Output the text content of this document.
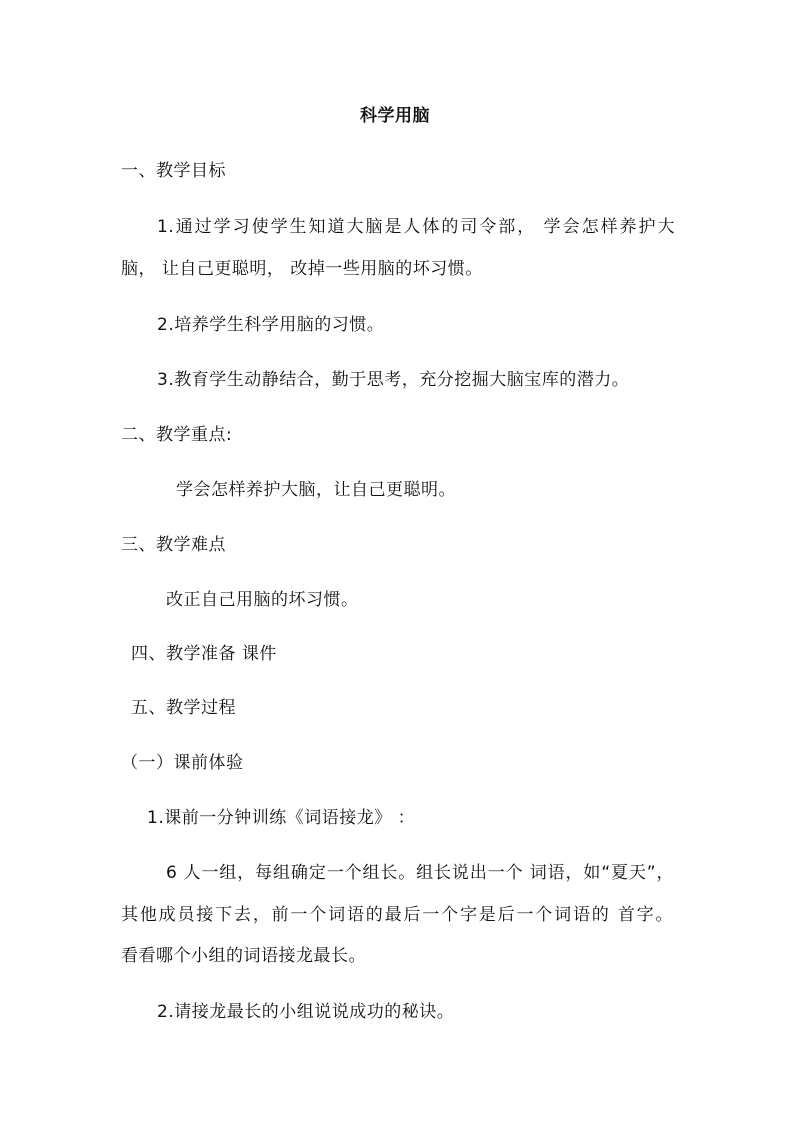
科学用脑
一、教学目标
1.通过学习使学生知道大脑是人体的司令部， 学会怎样养护大
脑， 让自己更聪明， 改掉一些用脑的坏习惯。
2.培养学生科学用脑的习惯。
3.教育学生动静结合，勤于思考，充分挖掘大脑宝库的潜力。
二、教学重点:
学会怎样养护大脑，让自己更聪明。
三、教学难点
改正自己用脑的坏习惯。
四、教学准备 课件
五、教学过程
（一）课前体验
1.课前一分钟训练《词语接龙》 ：
6 人一组，每组确定一个组长。组长说出一个 词语，如“夏天”，
其他成员接下去，前一个词语的最后一个字是后一个词语的 首字。
看看哪个小组的词语接龙最长。
2.请接龙最长的小组说说成功的秘诀。
